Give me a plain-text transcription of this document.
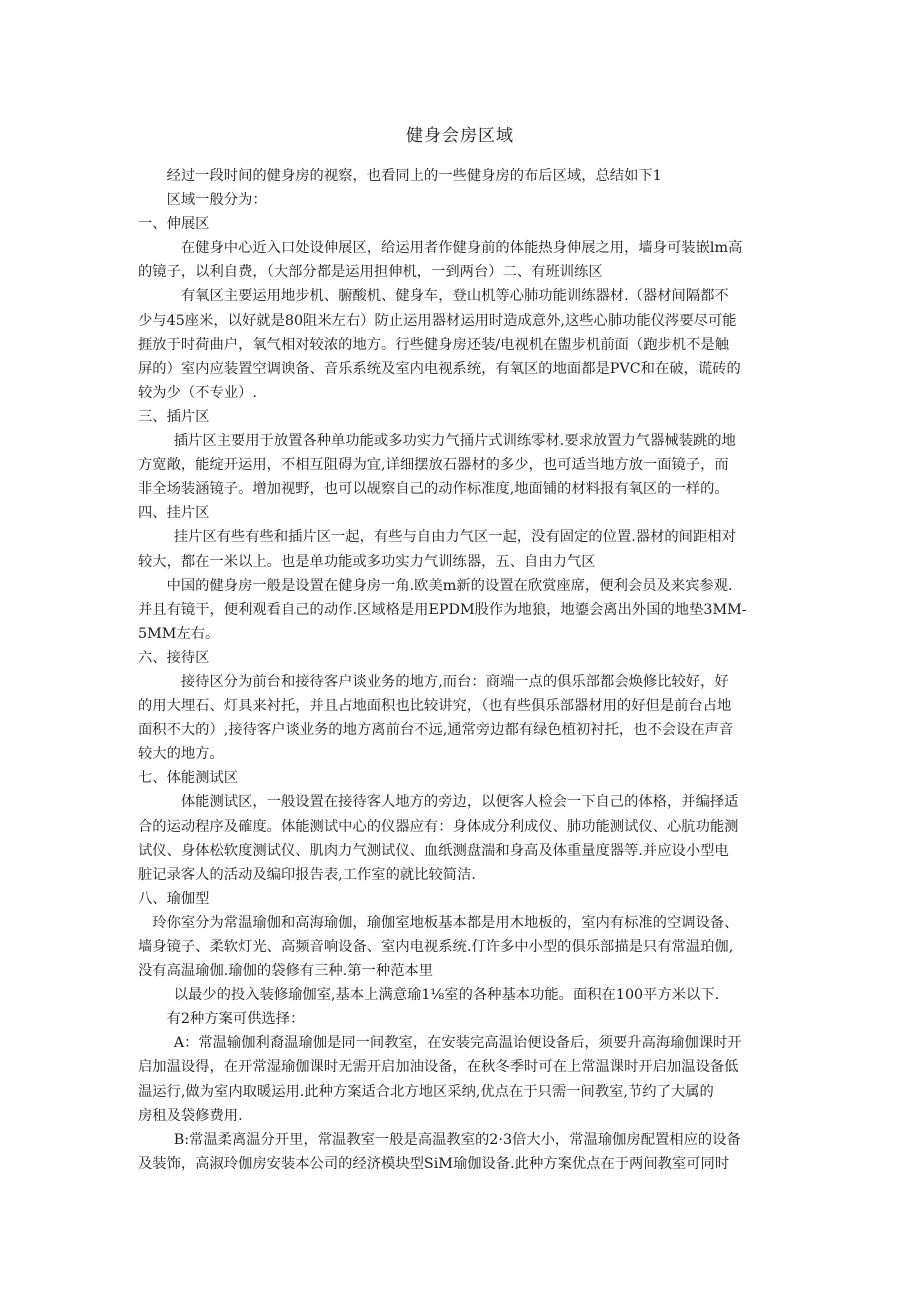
健身会房区域
经过一段时间的健身房的视察，也看同上的一些健身房的布后区域，总结如下1
区域一般分为：
一、伸展区
在健身中心近入口处设伸展区，给运用者作健身前的体能热身伸展之用，墙身可装嵌lm高
的镜子，以利自费，（大部分都是运用担伸机，一到两台）二、有班训练区
有氧区主要运用地步机、腑酸机、健身车，登山机等心肺功能训练器材.（器材间隔都不
少与45座米，以好就是80阻米左右）防止运用器材运用时造成意外,这些心肺功能仪涔要尽可能
捱放于时荷曲户，氧气相对较浓的地方。行些健身房还装/电视机在盥步机前面（跑步机不是触
屏的）室内应装置空调谀备、音乐系统及室内电视系统，有氧区的地面都是PVC和在破，谎砖的
较为少（不专业）.
三、插片区
插片区主要用于放置各种单功能或多功实力气捅片式训练零材.要求放置力气器械装跳的地
方宽敞，能绽开运用，不相互阻碍为宜,详细摆放石器材的多少，也可适当地方放一面镜子，而
非全场装涵镜子。增加视野，也可以觇察自己的动作标准度,地面铺的材料报有氧区的一样的。
四、挂片区
挂片区有些有些和插片区一起，有些与自由力气区一起，没有固定的位置.器材的间距相对
较大，都在一米以上。也是单功能或多功实力气训练器，五、自由力气区
中国的健身房一般是设置在健身房一角.欧美m新的设置在欣赏座席，便利会员及来宾参观.
并且有镜干，便利观看自己的动作.区域格是用EPDM股作为地狼，地鎏会离出外国的地垫3MM-
5MM左右。
六、接待区
接待区分为前台和接待客户谈业务的地方,而台：商端一点的俱乐部都会焕修比较好，好
的用大埋石、灯具来衬托，并且占地面积也比较讲究，（也有些俱乐部器材用的好但是前台占地
面积不大的）,接待客户谈业务的地方离前台不远,通常旁边都有绿色植初衬托，也不会设在声音
较大的地方。
七、体能测试区
体能测试区，一般设置在接待客人地方的旁边，以便客人检会一下自己的体格，并编择适
合的运动程序及確度。体能测试中心的仪器应有：身体成分利成仪、肺功能测试仪、心肮功能测
试仪、身体松软度测试仪、肌肉力气测试仪、血纸测盘湍和身高及体重量度器等.并应设小型电
脏记录客人的活动及编印报告表,工作室的就比较简洁.
八、瑜伽型
玲你室分为常温瑜伽和高海瑜伽，瑜伽室地板基本都是用木地板的，室内有标准的空调设备、
墙身镜子、柔软灯光、高频音响设备、室内电视系统.仃许多中小型的俱乐部描是只有常温珀伽,
没有高温瑜伽.瑜伽的袋修有三种.第一种范本里
以最少的投入装修瑜伽室,基本上满意瑜1⅛室的各种基本功能。面积在100平方米以下.
有2种方案可供选择：
A：常温输伽利裔温瑜伽是同一间教室，在安装完高温诒便设备后，须要升高海瑜伽课时开
启加温设得，在开常湿瑜伽课时无需开启加油设备，在秋冬季时可在上常温课时开启加温设备低
温运行,做为室内取暖运用.此种方案适合北方地区采纳,优点在于只需一间教室,节约了大属的
房租及袋修费用.
B:常温柔离温分开里，常温教室一般是高温教室的2·3倍大小，常温瑜伽房配置相应的设备
及装饰，高淑玲伽房安装本公司的经济模块型SiM瑜伽设备.此种方案优点在于两间教室可同时
